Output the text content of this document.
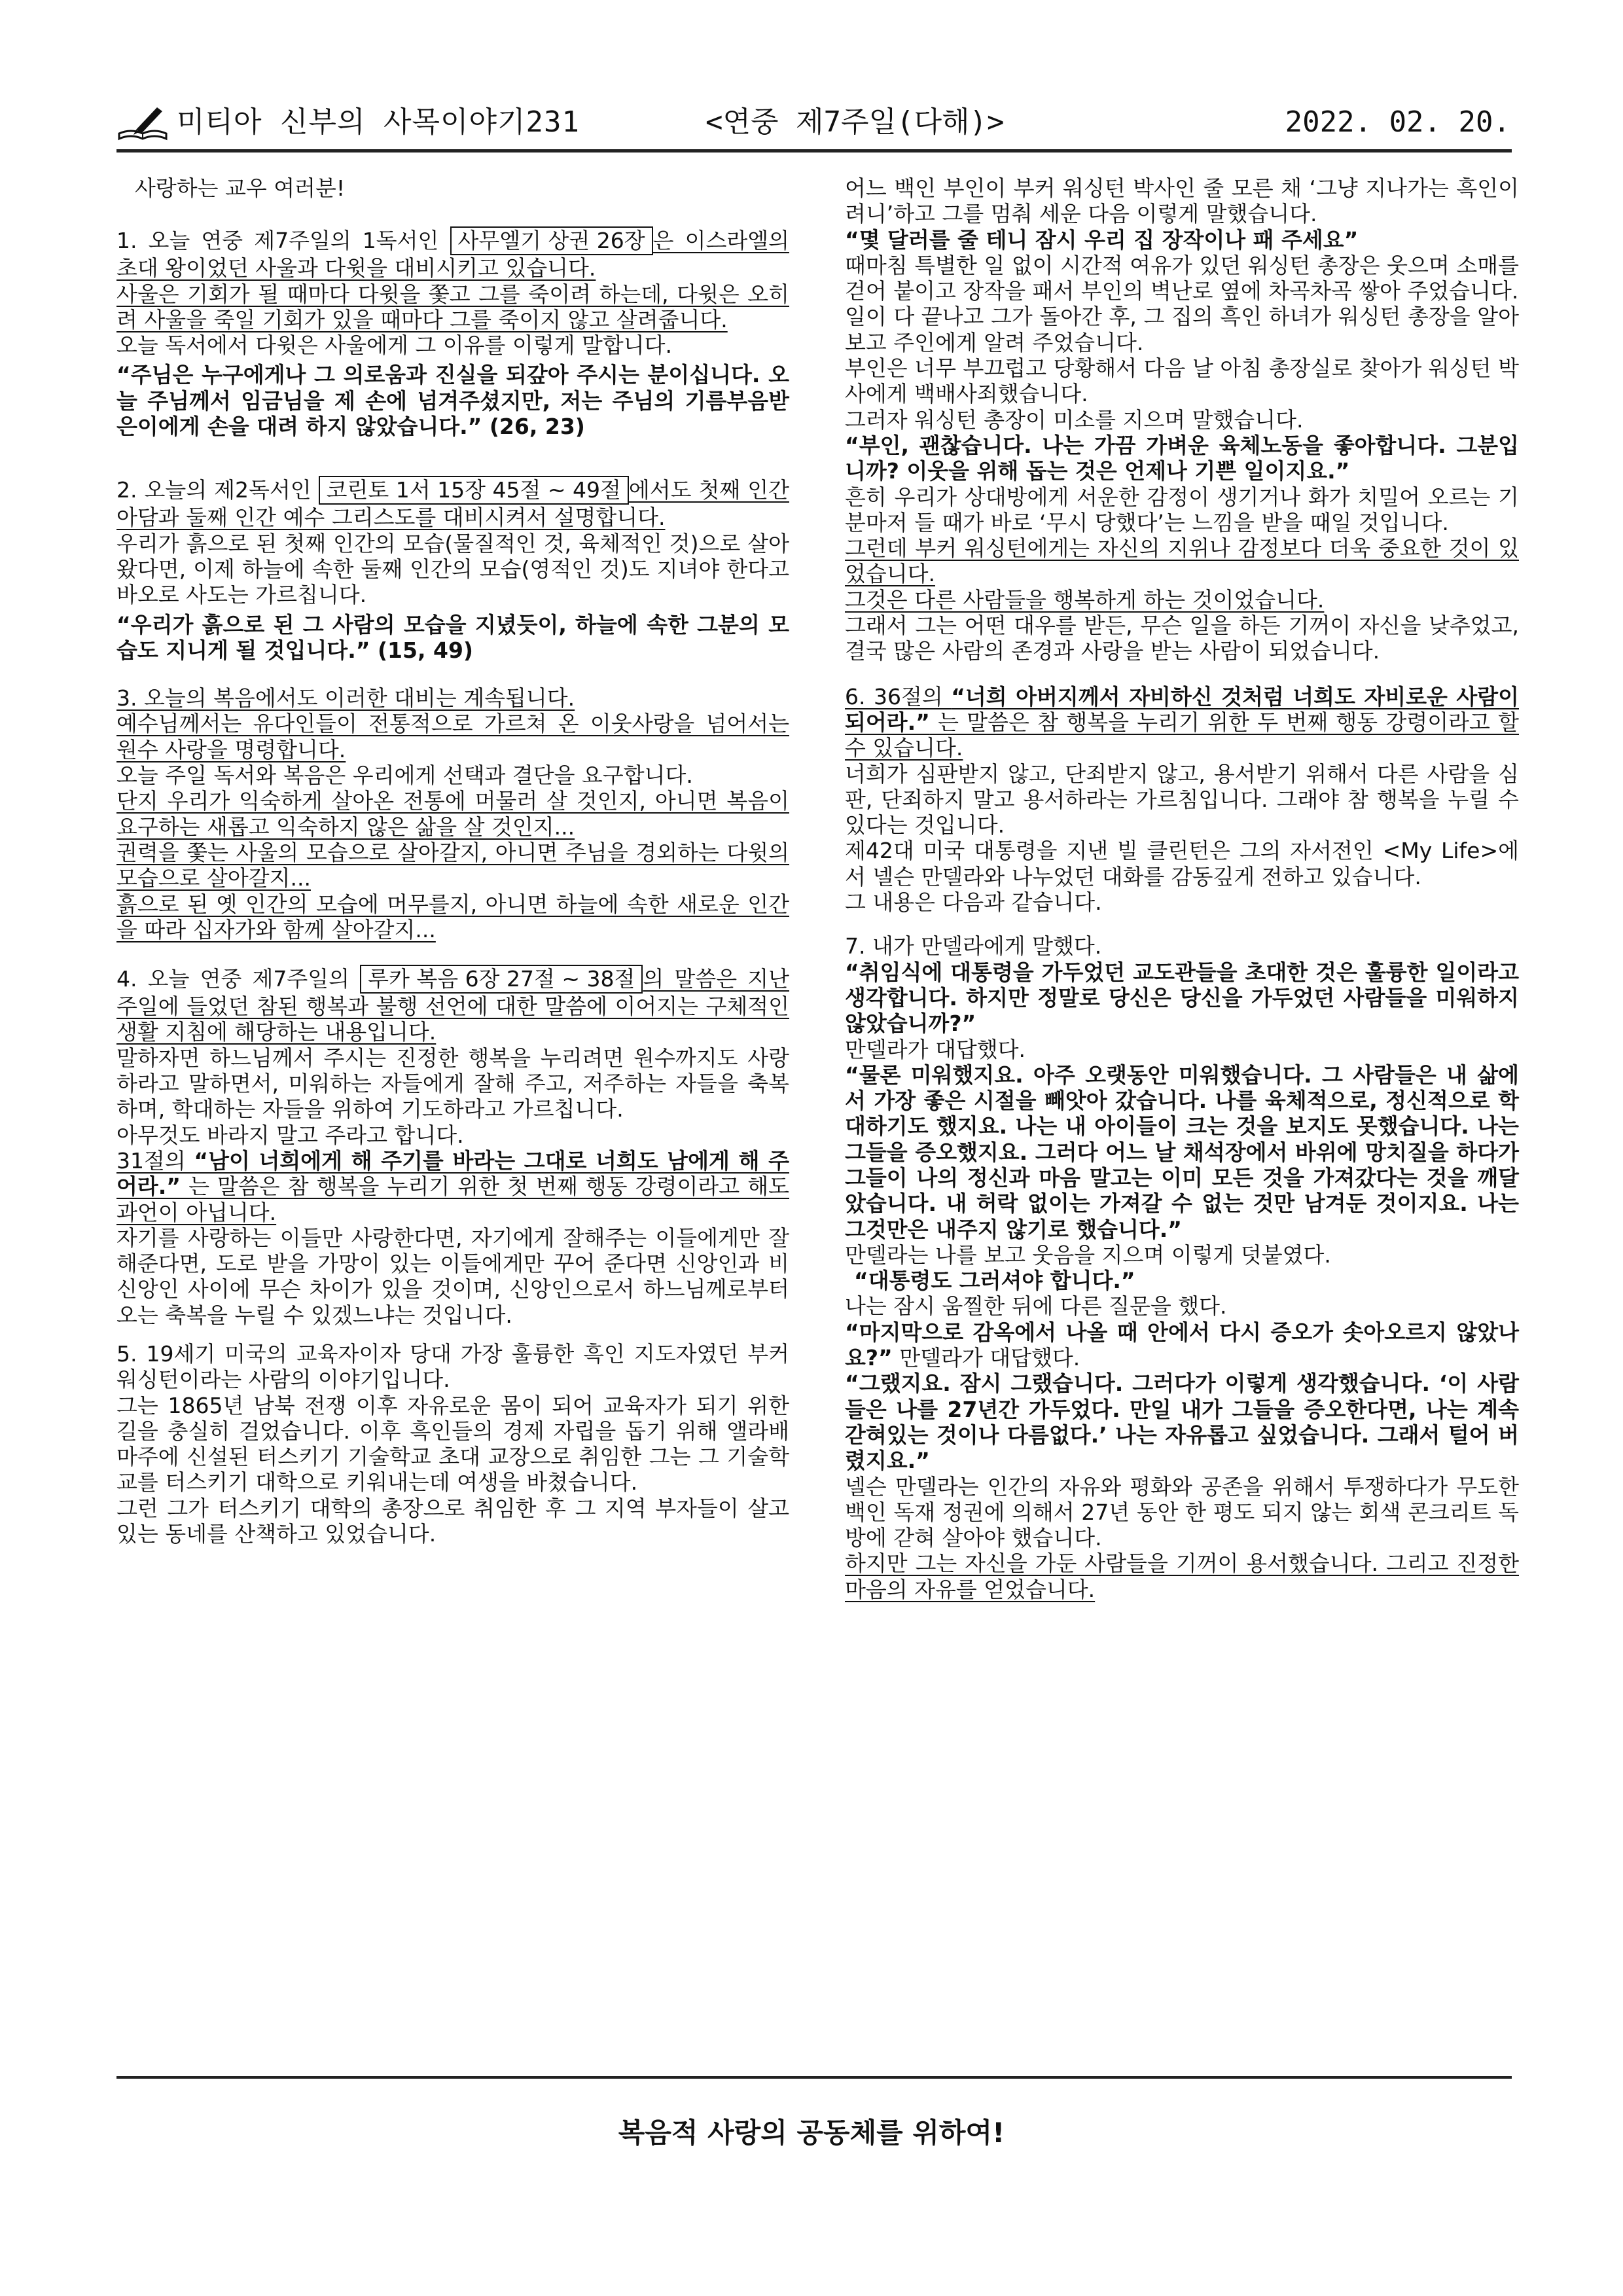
미티아 신부의 사목이야기231	<연중 제7주일(다해)>	2022. 02. 20.

사랑하는 교우 여러분!

1. 오늘 연중 제7주일의 1독서인 사무엘기 상권 26장 은 이스라엘의 초대 왕이었던 사울과 다윗을 대비시키고 있습니다.

사울은 기회가 될 때마다 다윗을 쫓고 그를 죽이려 하는데, 다윗은 오히려 사울을 죽일 기회가 있을 때마다 그를 죽이지 않고 살려줍니다.

오늘 독서에서 다윗은 사울에게 그 이유를 이렇게 말합니다.

“주님은 누구에게나 그 의로움과 진실을 되갚아 주시는 분이십니다. 오늘 주님께서 임금님을 제 손에 넘겨주셨지만, 저는 주님의 기름부음받은이에게 손을 대려 하지 않았습니다.” (26, 23)

2. 오늘의 제2독서인 코린토 1서 15장 45절 ~ 49절 에서도 첫째 인간 아담과 둘째 인간 예수 그리스도를 대비시켜서 설명합니다.

우리가 흙으로 된 첫째 인간의 모습(물질적인 것, 육체적인 것)으로 살아왔다면, 이제 하늘에 속한 둘째 인간의 모습(영적인 것)도 지녀야 한다고 바오로 사도는 가르칩니다.

“우리가 흙으로 된 그 사람의 모습을 지녔듯이, 하늘에 속한 그분의 모습도 지니게 될 것입니다.” (15, 49)

3. 오늘의 복음에서도 이러한 대비는 계속됩니다.

예수님께서는 유다인들이 전통적으로 가르쳐 온 이웃사랑을 넘어서는 원수 사랑을 명령합니다.

오늘 주일 독서와 복음은 우리에게 선택과 결단을 요구합니다.

단지 우리가 익숙하게 살아온 전통에 머물러 살 것인지, 아니면 복음이 요구하는 새롭고 익숙하지 않은 삶을 살 것인지...

권력을 쫓는 사울의 모습으로 살아갈지, 아니면 주님을 경외하는 다윗의 모습으로 살아갈지...

흙으로 된 옛 인간의 모습에 머무를지, 아니면 하늘에 속한 새로운 인간을 따라 십자가와 함께 살아갈지...

4. 오늘 연중 제7주일의 루카 복음 6장 27절 ~ 38절 의 말씀은 지난 주일에 들었던 참된 행복과 불행 선언에 대한 말씀에 이어지는 구체적인 생활 지침에 해당하는 내용입니다.

말하자면 하느님께서 주시는 진정한 행복을 누리려면 원수까지도 사랑하라고 말하면서, 미워하는 자들에게 잘해 주고, 저주하는 자들을 축복하며, 학대하는 자들을 위하여 기도하라고 가르칩니다.

아무것도 바라지 말고 주라고 합니다.

31절의 “남이 너희에게 해 주기를 바라는 그대로 너희도 남에게 해 주어라.” 는 말씀은 참 행복을 누리기 위한 첫 번째 행동 강령이라고 해도 과언이 아닙니다.

자기를 사랑하는 이들만 사랑한다면, 자기에게 잘해주는 이들에게만 잘해준다면, 도로 받을 가망이 있는 이들에게만 꾸어 준다면 신앙인과 비신앙인 사이에 무슨 차이가 있을 것이며, 신앙인으로서 하느님께로부터 오는 축복을 누릴 수 있겠느냐는 것입니다.

5. 19세기 미국의 교육자이자 당대 가장 훌륭한 흑인 지도자였던 부커 워싱턴이라는 사람의 이야기입니다.

그는 1865년 남북 전쟁 이후 자유로운 몸이 되어 교육자가 되기 위한 길을 충실히 걸었습니다. 이후 흑인들의 경제 자립을 돕기 위해 앨라배마주에 신설된 터스키기 기술학교 초대 교장으로 취임한 그는 그 기술학교를 터스키기 대학으로 키워내는데 여생을 바쳤습니다.

그런 그가 터스키기 대학의 총장으로 취임한 후 그 지역 부자들이 살고 있는 동네를 산책하고 있었습니다.

어느 백인 부인이 부커 워싱턴 박사인 줄 모른 채 ‘그냥 지나가는 흑인이려니’하고 그를 멈춰 세운 다음 이렇게 말했습니다.

“몇 달러를 줄 테니 잠시 우리 집 장작이나 패 주세요”

때마침 특별한 일 없이 시간적 여유가 있던 워싱턴 총장은 웃으며 소매를 걷어 붙이고 장작을 패서 부인의 벽난로 옆에 차곡차곡 쌓아 주었습니다.

일이 다 끝나고 그가 돌아간 후, 그 집의 흑인 하녀가 워싱턴 총장을 알아보고 주인에게 알려 주었습니다.

부인은 너무 부끄럽고 당황해서 다음 날 아침 총장실로 찾아가 워싱턴 박사에게 백배사죄했습니다.

그러자 워싱턴 총장이 미소를 지으며 말했습니다.

“부인, 괜찮습니다. 나는 가끔 가벼운 육체노동을 좋아합니다. 그분입니까? 이웃을 위해 돕는 것은 언제나 기쁜 일이지요.”

흔히 우리가 상대방에게 서운한 감정이 생기거나 화가 치밀어 오르는 기분마저 들 때가 바로 ‘무시 당했다’는 느낌을 받을 때일 것입니다.

그런데 부커 워싱턴에게는 자신의 지위나 감정보다 더욱 중요한 것이 있었습니다.

그것은 다른 사람들을 행복하게 하는 것이었습니다.

그래서 그는 어떤 대우를 받든, 무슨 일을 하든 기꺼이 자신을 낮추었고, 결국 많은 사람의 존경과 사랑을 받는 사람이 되었습니다.

6. 36절의 “너희 아버지께서 자비하신 것처럼 너희도 자비로운 사람이 되어라.” 는 말씀은 참 행복을 누리기 위한 두 번째 행동 강령이라고 할 수 있습니다.

너희가 심판받지 않고, 단죄받지 않고, 용서받기 위해서 다른 사람을 심판, 단죄하지 말고 용서하라는 가르침입니다. 그래야 참 행복을 누릴 수 있다는 것입니다.

제42대 미국 대통령을 지낸 빌 클린턴은 그의 자서전인 <My Life>에서 넬슨 만델라와 나누었던 대화를 감동깊게 전하고 있습니다.

그 내용은 다음과 같습니다.

7. 내가 만델라에게 말했다.

“취임식에 대통령을 가두었던 교도관들을 초대한 것은 훌륭한 일이라고 생각합니다. 하지만 정말로 당신은 당신을 가두었던 사람들을 미워하지 않았습니까?”

만델라가 대답했다.

“물론 미워했지요. 아주 오랫동안 미워했습니다. 그 사람들은 내 삶에서 가장 좋은 시절을 빼앗아 갔습니다. 나를 육체적으로, 정신적으로 학대하기도 했지요. 나는 내 아이들이 크는 것을 보지도 못했습니다. 나는 그들을 증오했지요. 그러다 어느 날 채석장에서 바위에 망치질을 하다가 그들이 나의 정신과 마음 말고는 이미 모든 것을 가져갔다는 것을 깨달았습니다. 내 허락 없이는 가져갈 수 없는 것만 남겨둔 것이지요. 나는 그것만은 내주지 않기로 했습니다.”

만델라는 나를 보고 웃음을 지으며 이렇게 덧붙였다.

“대통령도 그러셔야 합니다.”

나는 잠시 움찔한 뒤에 다른 질문을 했다.

“마지막으로 감옥에서 나올 때 안에서 다시 증오가 솟아오르지 않았나요?” 만델라가 대답했다.

“그랬지요. 잠시 그랬습니다. 그러다가 이렇게 생각했습니다. ‘이 사람들은 나를 27년간 가두었다. 만일 내가 그들을 증오한다면, 나는 계속 갇혀있는 것이나 다름없다.’ 나는 자유롭고 싶었습니다. 그래서 털어 버렸지요.”

넬슨 만델라는 인간의 자유와 평화와 공존을 위해서 투쟁하다가 무도한 백인 독재 정권에 의해서 27년 동안 한 평도 되지 않는 회색 콘크리트 독방에 갇혀 살아야 했습니다.

하지만 그는 자신을 가둔 사람들을 기꺼이 용서했습니다. 그리고 진정한 마음의 자유를 얻었습니다.

복음적 사랑의 공동체를 위하여!
